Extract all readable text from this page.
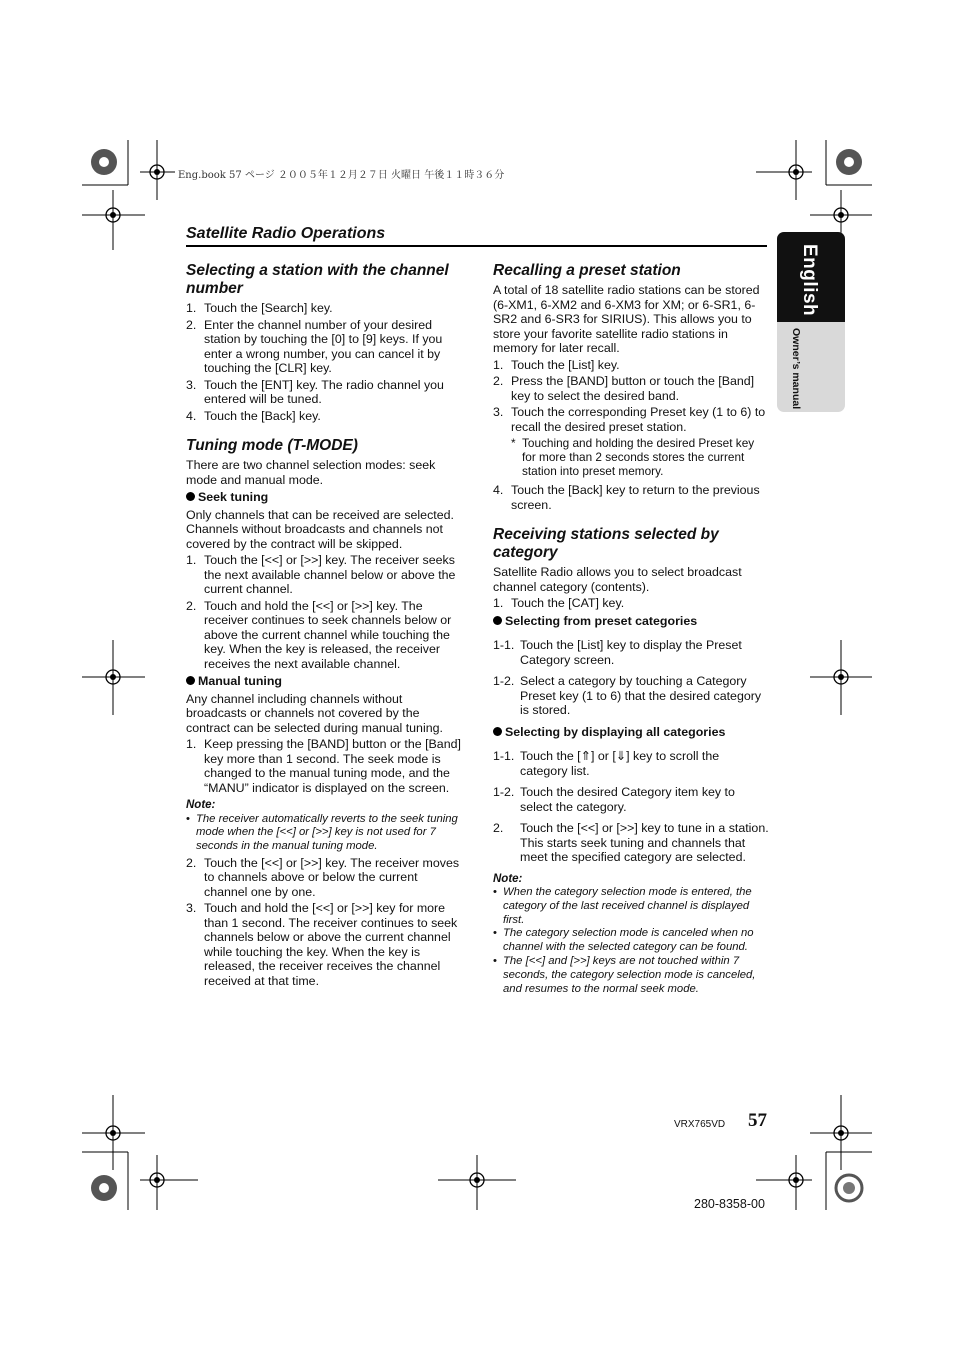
Eng.book 57 ページ ２００５年１２月２７日 火曜日 午後１１時３６分
Satellite Radio Operations
English
Owner’s manual
Selecting a station with the channel number
1. Touch the [Search] key.
2. Enter the channel number of your desired station by touching the [0] to [9] keys. If you enter a wrong number, you can cancel it by touching the [CLR] key.
3. Touch the [ENT] key. The radio channel you entered will be tuned.
4. Touch the [Back] key.
Tuning mode (T-MODE)

There are two channel selection modes: seek mode and manual mode.

Seek tuning

Only channels that can be received are selected. Channels without broadcasts and channels not covered by the contract will be skipped.

1. Touch the [<<] or [>>] key. The receiver seeks the next available channel below or above the current channel.
2. Touch and hold the [<<] or [>>] key. The receiver continues to seek channels below or above the current channel while touching the key. When the key is released, the receiver receives the next available channel.
Manual tuning

Any channel including channels without broadcasts or channels not covered by the contract can be selected during manual tuning.

1. Keep pressing the [BAND] button or the [Band] key more than 1 second. The seek mode is changed to the manual tuning mode, and the “MANU” indicator is displayed on the screen.
Note:
• The receiver automatically reverts to the seek tuning mode when the [<<] or [>>] key is not used for 7 seconds in the manual tuning mode.
2. Touch the [<<] or [>>] key. The receiver moves to channels above or below the current channel one by one.
3. Touch and hold the [<<] or [>>] key for more than 1 second. The receiver continues to seek channels below or above the current channel while touching the key. When the key is released, the receiver receives the channel received at that time.
Recalling a preset station

A total of 18 satellite radio stations can be stored (6-XM1, 6-XM2 and 6-XM3 for XM; or 6-SR1, 6-SR2 and 6-SR3 for SIRIUS). This allows you to store your favorite satellite radio stations in memory for later recall.

1. Touch the [List] key.
2. Press the [BAND] button or touch the [Band] key to select the desired band.
3. Touch the corresponding Preset key (1 to 6) to recall the desired preset station.
* Touching and holding the desired Preset key for more than 2 seconds stores the current station into preset memory.
4. Touch the [Back] key to return to the previous screen.
Receiving stations selected by category

Satellite Radio allows you to select broadcast channel category (contents).

1. Touch the [CAT] key.
Selecting from preset categories
1-1. Touch the [List] key to display the Preset Category screen.
1-2. Select a category by touching a Category Preset key (1 to 6) that the desired category is stored.
Selecting by displaying all categories
1-1. Touch the [⇑] or [⇓] key to scroll the category list.
1-2. Touch the desired Category item key to select the category.
2. Touch the [<<] or [>>] key to tune in a station. This starts seek tuning and channels that meet the specified category are selected.
Note:
• When the category selection mode is entered, the category of the last received channel is displayed first.
• The category selection mode is canceled when no channel with the selected category can be found.
• The [<<] and [>>] keys are not touched within 7 seconds, the category selection mode is canceled, and resumes to the normal seek mode.
VRX765VD 57
280-8358-00
